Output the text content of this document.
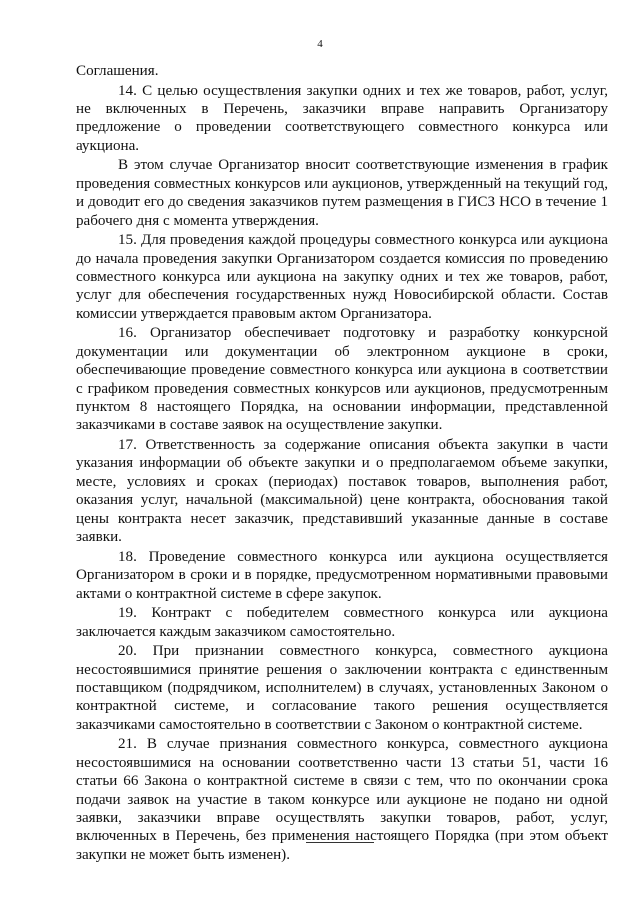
4

Соглашения.

14. С целью осуществления закупки одних и тех же товаров, работ, услуг, не включенных в Перечень, заказчики вправе направить Организатору предложение о проведении соответствующего совместного конкурса или аукциона.

В этом случае Организатор вносит соответствующие изменения в график проведения совместных конкурсов или аукционов, утвержденный на текущий год, и доводит его до сведения заказчиков путем размещения в ГИСЗ НСО в течение 1 рабочего дня с момента утверждения.

15. Для проведения каждой процедуры совместного конкурса или аукциона до начала проведения закупки Организатором создается комиссия по проведению совместного конкурса или аукциона на закупку одних и тех же товаров, работ, услуг для обеспечения государственных нужд Новосибирской области. Состав комиссии утверждается правовым актом Организатора.

16. Организатор обеспечивает подготовку и разработку конкурсной документации или документации об электронном аукционе в сроки, обеспечивающие проведение совместного конкурса или аукциона в соответствии с графиком проведения совместных конкурсов или аукционов, предусмотренным пунктом 8 настоящего Порядка, на основании информации, представленной заказчиками в составе заявок на осуществление закупки.

17. Ответственность за содержание описания объекта закупки в части указания информации об объекте закупки и о предполагаемом объеме закупки, месте, условиях и сроках (периодах) поставок товаров, выполнения работ, оказания услуг, начальной (максимальной) цене контракта, обоснования такой цены контракта несет заказчик, представивший указанные данные в составе заявки.

18. Проведение совместного конкурса или аукциона осуществляется Организатором в сроки и в порядке, предусмотренном нормативными правовыми актами о контрактной системе в сфере закупок.

19. Контракт с победителем совместного конкурса или аукциона заключается каждым заказчиком самостоятельно.

20. При признании совместного конкурса, совместного аукциона несостоявшимися принятие решения о заключении контракта с единственным поставщиком (подрядчиком, исполнителем) в случаях, установленных Законом о контрактной системе, и согласование такого решения осуществляется заказчиками самостоятельно в соответствии с Законом о контрактной системе.

21. В случае признания совместного конкурса, совместного аукциона несостоявшимися на основании соответственно части 13 статьи 51, части 16 статьи 66 Закона о контрактной системе в связи с тем, что по окончании срока подачи заявок на участие в таком конкурсе или аукционе не подано ни одной заявки, заказчики вправе осуществлять закупки товаров, работ, услуг, включенных в Перечень, без применения настоящего Порядка (при этом объект закупки не может быть изменен).
